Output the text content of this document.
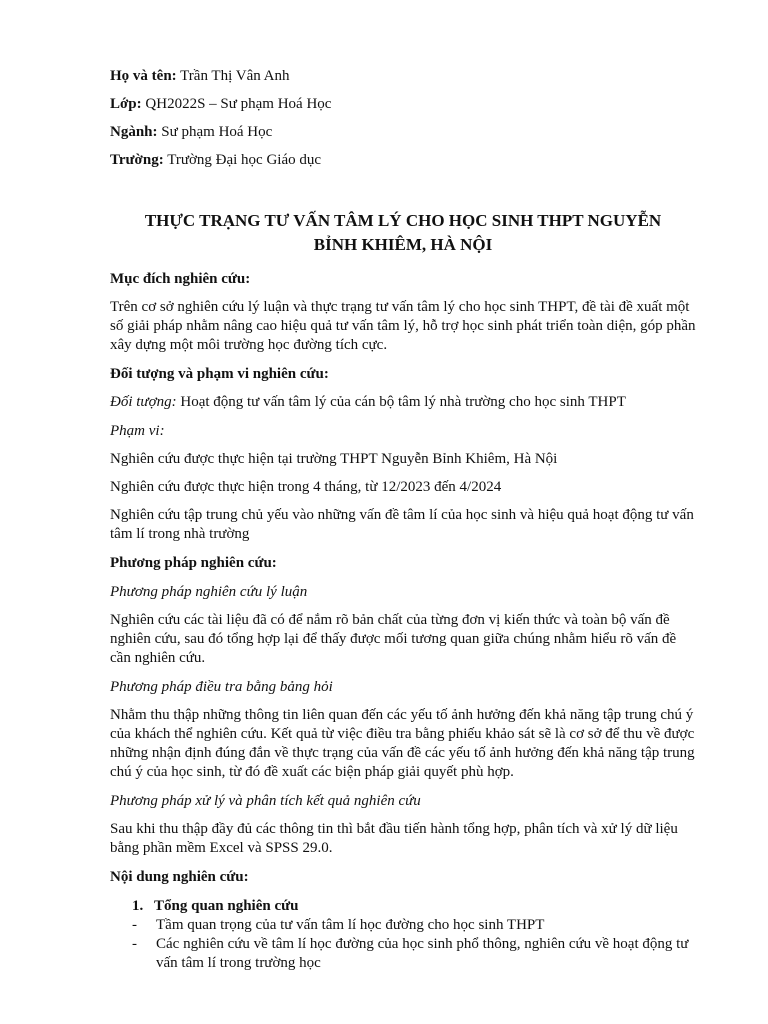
Họ và tên: Trần Thị Vân Anh
Lớp: QH2022S – Sư phạm Hoá Học
Ngành: Sư phạm Hoá Học
Trường: Trường Đại học Giáo dục
THỰC TRẠNG TƯ VẤN TÂM LÝ CHO HỌC SINH THPT NGUYỄN
BỈNH KHIÊM, HÀ NỘI
Mục đích nghiên cứu:
Trên cơ sở nghiên cứu lý luận và thực trạng tư vấn tâm lý cho học sinh THPT, đề tài đề xuất một số giải pháp nhằm nâng cao hiệu quả tư vấn tâm lý, hỗ trợ học sinh phát triển toàn diện, góp phần xây dựng một môi trường học đường tích cực.
Đối tượng và phạm vi nghiên cứu:
Đối tượng: Hoạt động tư vấn tâm lý của cán bộ tâm lý nhà trường cho học sinh THPT
Phạm vi:
Nghiên cứu được thực hiện tại trường THPT Nguyễn Bỉnh Khiêm, Hà Nội
Nghiên cứu được thực hiện trong 4 tháng, từ 12/2023 đến 4/2024
Nghiên cứu tập trung chủ yếu vào những vấn đề tâm lí của học sinh và hiệu quả hoạt động tư vấn tâm lí trong nhà trường
Phương pháp nghiên cứu:
Phương pháp nghiên cứu lý luận
Nghiên cứu các tài liệu đã có để nắm rõ bản chất của từng đơn vị kiến thức và toàn bộ vấn đề nghiên cứu, sau đó tổng hợp lại để thấy được mối tương quan giữa chúng nhằm hiểu rõ vấn đề cần nghiên cứu.
Phương pháp điều tra bằng bảng hỏi
Nhằm thu thập những thông tin liên quan đến các yếu tố ảnh hưởng đến khả năng tập trung chú ý của khách thể nghiên cứu. Kết quả từ việc điều tra bằng phiếu khảo sát sẽ là cơ sở để thu về được những nhận định đúng đắn về thực trạng của vấn đề các yếu tố ảnh hưởng đến khả năng tập trung chú ý của học sinh, từ đó đề xuất các biện pháp giải quyết phù hợp.
Phương pháp xử lý và phân tích kết quả nghiên cứu
Sau khi thu thập đầy đủ các thông tin thì bắt đầu tiến hành tổng hợp, phân tích và xử lý dữ liệu bằng phần mềm Excel và SPSS 29.0.
Nội dung nghiên cứu:
1. Tổng quan nghiên cứu
-	Tầm quan trọng của tư vấn tâm lí học đường cho học sinh THPT
-	Các nghiên cứu về tâm lí học đường của học sinh phổ thông, nghiên cứu về hoạt động tư vấn tâm lí trong trường học
